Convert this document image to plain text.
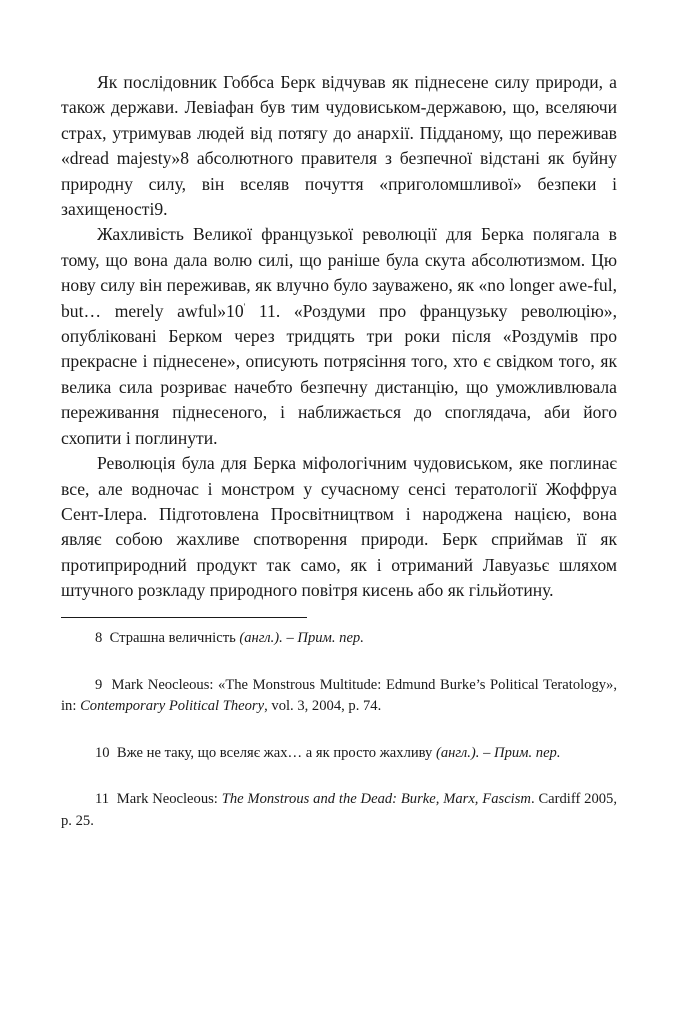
Як послідовник Гоббса Берк відчував як піднесене силу природи, а також держави. Левіафан був тим чудовиськом-державою, що, вселяючи страх, утримував людей від потягу до анархії. Підданому, що переживав «dread majesty»8 абсолютного правителя з безпечної відстані як буйну природну силу, він вселяв почуття «приголомшливої» безпеки і захищеності9.

Жахливість Великої французької революції для Берка полягала в тому, що вона дала волю силі, що раніше була скута абсолютизмом. Цю нову силу він переживав, як влучно було зауважено, як «no longer awe-ful, but… merely awful»10' 11. «Роздуми про французьку революцію», опубліковані Берком через тридцять три роки після «Роздумів про прекрасне і піднесене», описують потрясіння того, хто є свідком того, як велика сила розриває начебто безпечну дистанцію, що уможливлювала переживання піднесеного, і наближається до споглядача, аби його схопити і поглинути.

Революція була для Берка міфологічним чудовиськом, яке поглинає все, але водночас і монстром у сучасному сенсі тератології Жоффруа Сент-Ілера. Підготовлена Просвітництвом і народжена нацією, вона являє собою жахливе спотворення природи. Берк сприймав її як протиприродний продукт так само, як і отриманий Лавуазьє шляхом штучного розкладу природного повітря кисень або як гільйотину.

8 Страшна величність (англ.). – Прим. пер.

9 Mark Neocleous: «The Monstrous Multitude: Edmund Burke’s Political Teratology», in: Contemporary Political Theory, vol. 3, 2004, p. 74.

10 Вже не таку, що вселяє жах… а як просто жахливу (англ.). – Прим. пер.

11 Mark Neocleous: The Monstrous and the Dead: Burke, Marx, Fascism. Cardiff 2005, p. 25.
